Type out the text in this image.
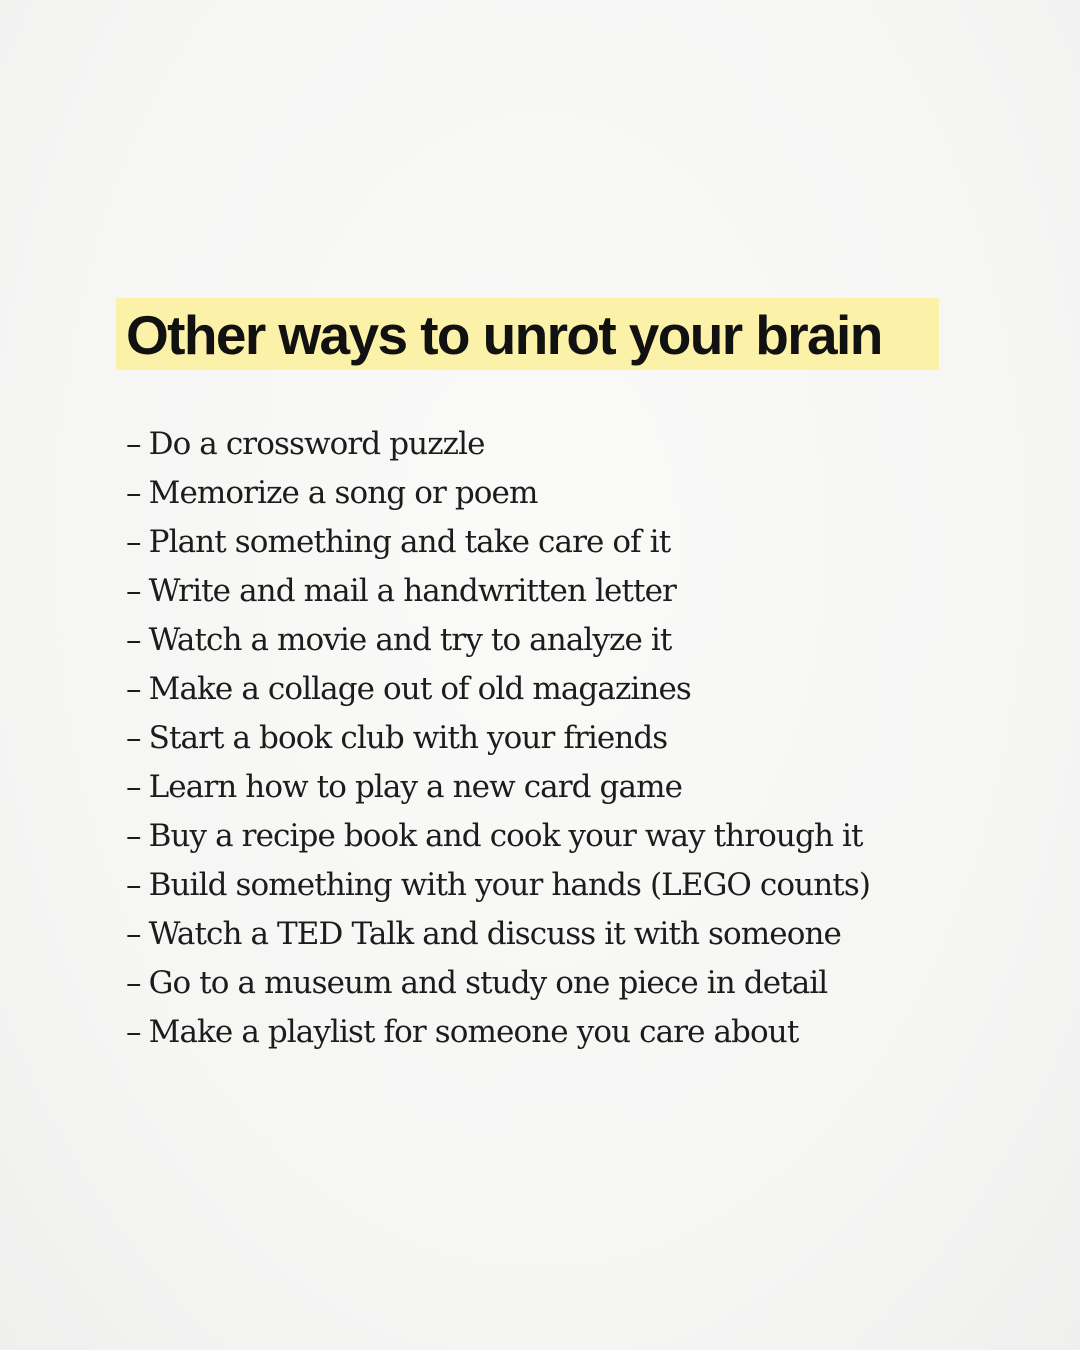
Other ways to unrot your brain
– Do a crossword puzzle
– Memorize a song or poem
– Plant something and take care of it
– Write and mail a handwritten letter
– Watch a movie and try to analyze it
– Make a collage out of old magazines
– Start a book club with your friends
– Learn how to play a new card game
– Buy a recipe book and cook your way through it
– Build something with your hands (LEGO counts)
– Watch a TED Talk and discuss it with someone
– Go to a museum and study one piece in detail
– Make a playlist for someone you care about
